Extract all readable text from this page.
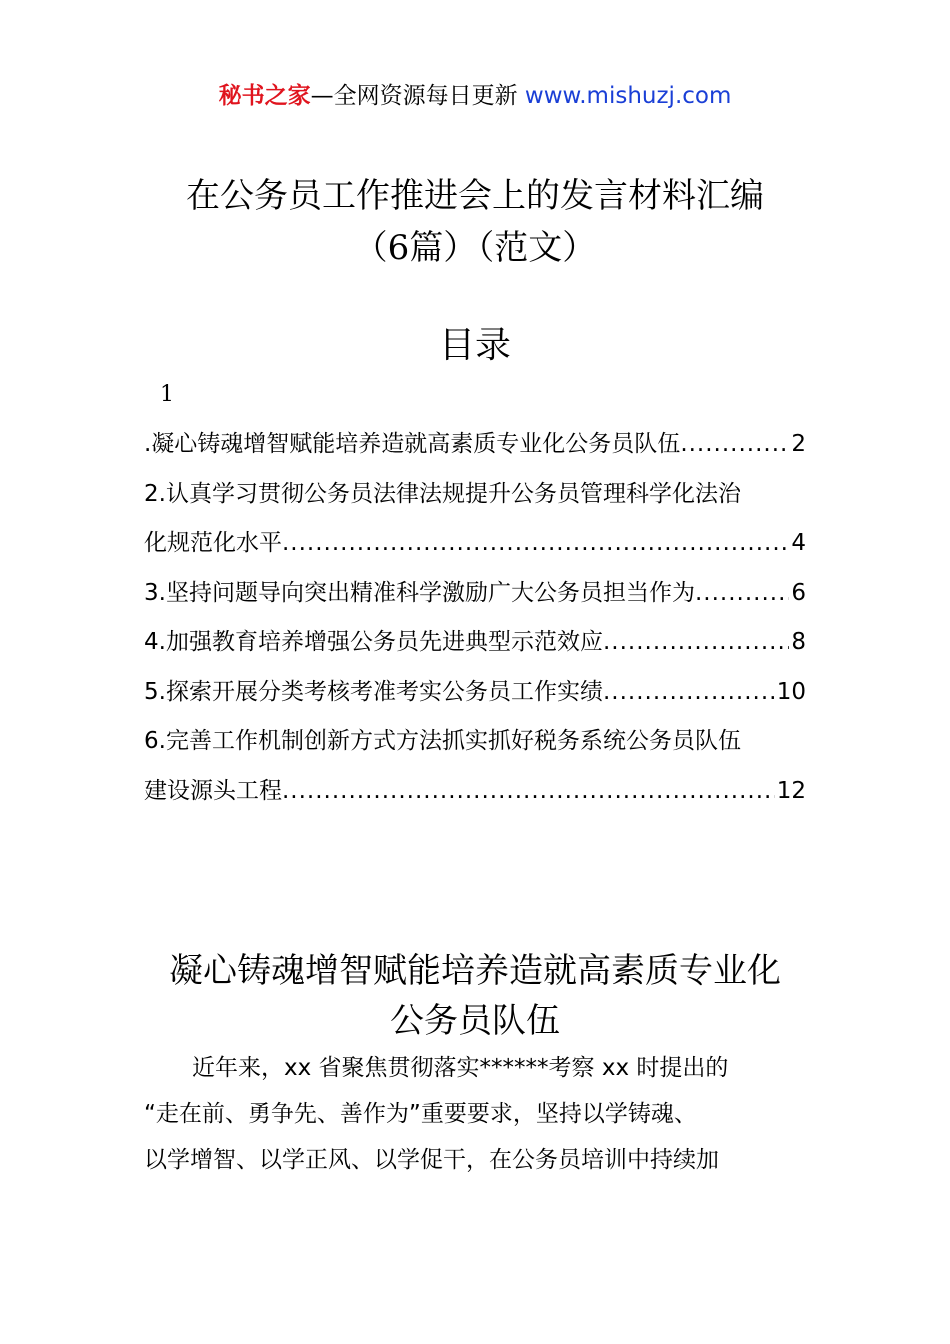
秘书之家—全网资源每日更新 www.mishuzj.com
在公务员工作推进会上的发言材料汇编
（6篇）（范文）
目录
1
.凝心铸魂增智赋能培养造就高素质专业化公务员队伍 .....	2
2.认真学习贯彻公务员法律法规提升公务员管理科学化法治
化规范化水平 .....	4
3.坚持问题导向突出精准科学激励广大公务员担当作为 .....	6
4.加强教育培养增强公务员先进典型示范效应 .....	8
5.探索开展分类考核考准考实公务员工作实绩 .....	10
6.完善工作机制创新方式方法抓实抓好税务系统公务员队伍
建设源头工程 .....	12
凝心铸魂增智赋能培养造就高素质专业化
公务员队伍
近年来，xx 省聚焦贯彻落实******考察 xx 时提出的
“走在前、勇争先、善作为”重要要求，坚持以学铸魂、
以学增智、以学正风、以学促干，在公务员培训中持续加
